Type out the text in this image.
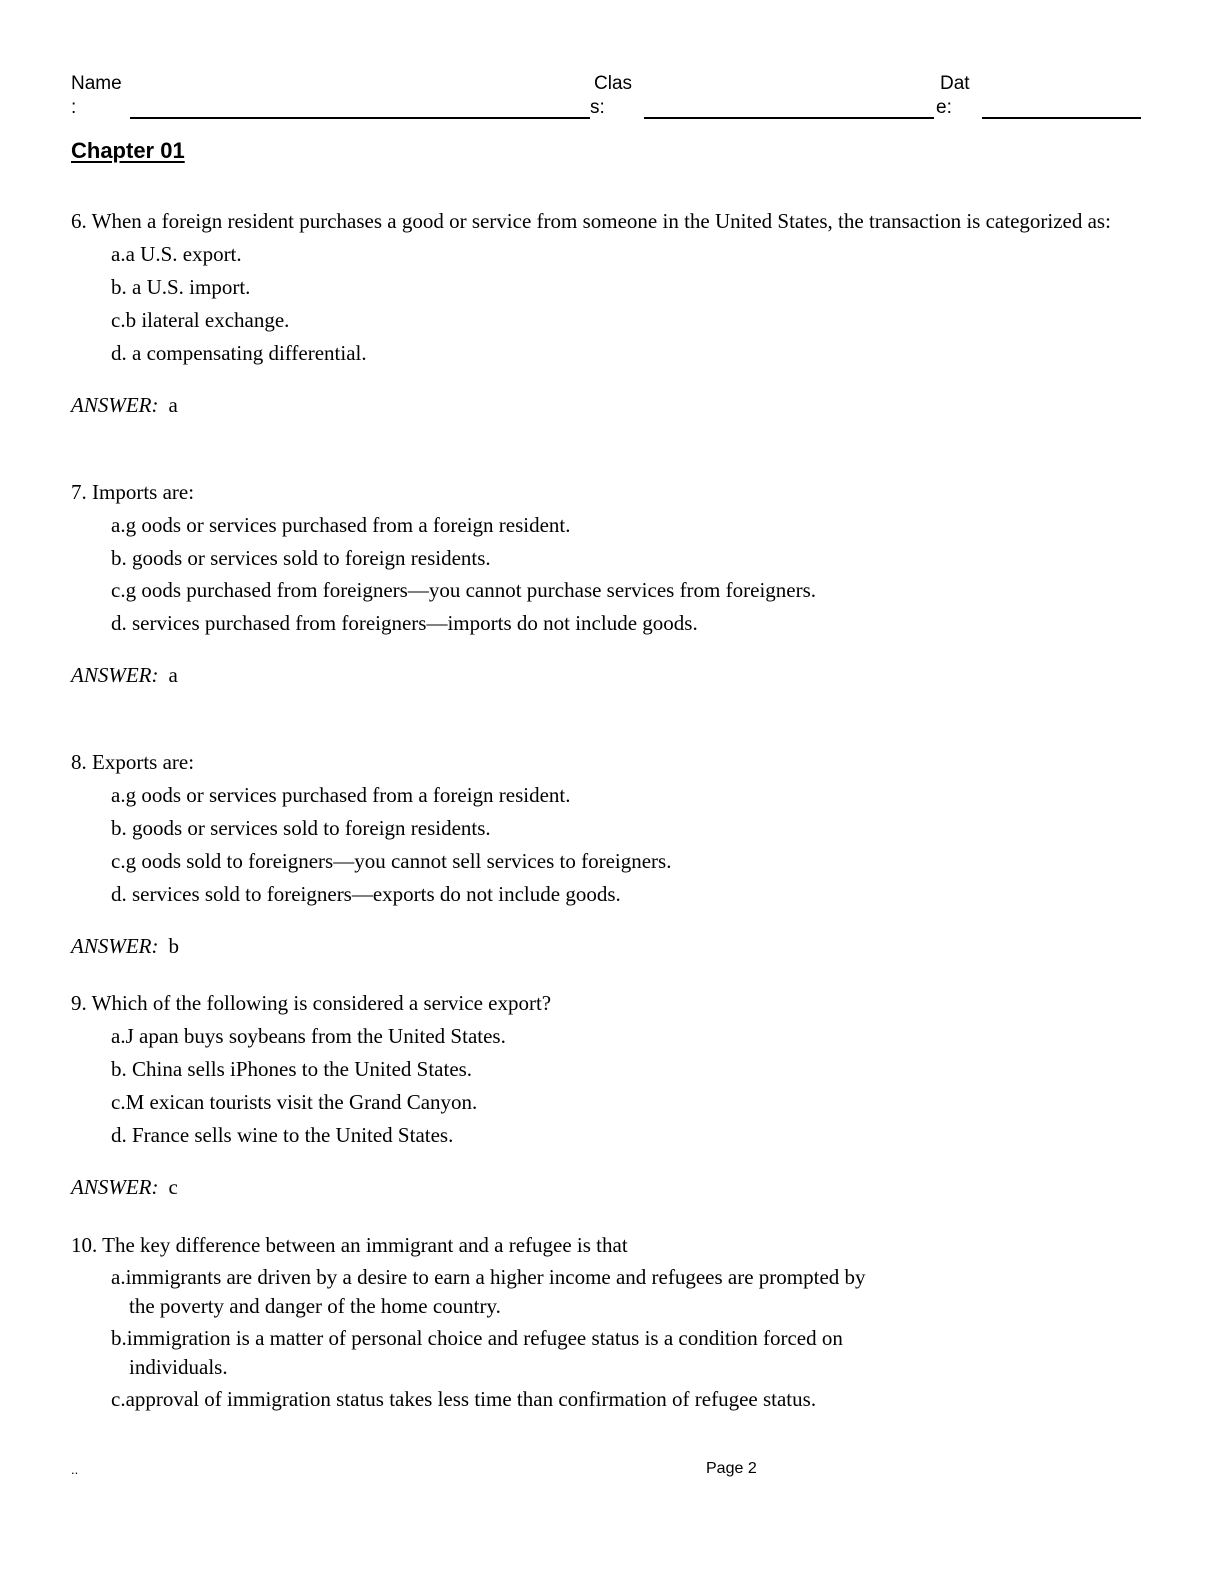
Name
:
Clas
s:
Dat
e:
Chapter 01
6. When a foreign resident purchases a good or service from someone in the United States, the transaction is categorized as:
a.a U.S. export.
b. a U.S. import.
c.b ilateral exchange.
d. a compensating differential.
ANSWER: a
7. Imports are:
a.g oods or services purchased from a foreign resident.
b. goods or services sold to foreign residents.
c.g oods purchased from foreigners—you cannot purchase services from foreigners.
d. services purchased from foreigners—imports do not include goods.
ANSWER: a
8. Exports are:
a.g oods or services purchased from a foreign resident.
b. goods or services sold to foreign residents.
c.g oods sold to foreigners—you cannot sell services to foreigners.
d. services sold to foreigners—exports do not include goods.
ANSWER: b
9. Which of the following is considered a service export?
a.J apan buys soybeans from the United States.
b. China sells iPhones to the United States.
c.M exican tourists visit the Grand Canyon.
d. France sells wine to the United States.
ANSWER: c
10. The key difference between an immigrant and a refugee is that
a.immigrants are driven by a desire to earn a higher income and refugees are prompted by the poverty and danger of the home country.
b.immigration is a matter of personal choice and refugee status is a condition forced on individuals.
c.approval of immigration status takes less time than confirmation of refugee status.
..	Page 2
